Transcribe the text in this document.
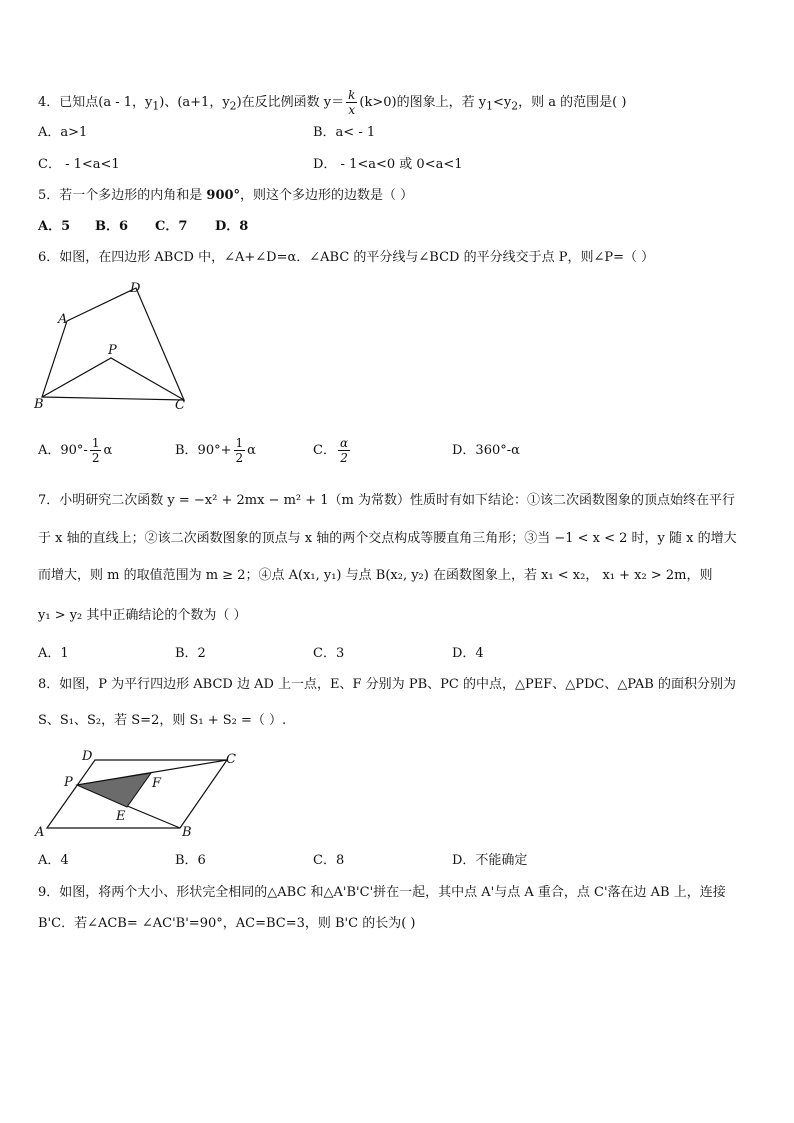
4．已知点(a - 1，$y_1$)、(a+1，$y_2$)在反比例函数 $y= \frac{k}{x} (k>0)$的图象上，若 $y_1<y_2$，则 a 的范围是( )
A．a>1	B．a< - 1
C． - 1<a<1	D． - 1<a<0 或 0<a<1
5．若一个多边形的内角和是 900°，则这个多边形的边数是（ ）
A．5 B．6 C．7 D．8
6．如图，在四边形 ABCD 中，∠A+∠D=α．∠ABC 的平分线与∠BCD 的平分线交于点 P，则∠P=（ ）
A
B	C
D
P
A．$90^\circ- \frac{1}{2}$ α	B．$90^\circ+ \frac{1}{2}$ α	C． $\frac{\alpha}{2}$	D．360°-α
7．小明研究二次函数 y = −x² + 2mx − m² + 1（m 为常数）性质时有如下结论：①该二次函数图象的顶点始终在平行
于 x 轴的直线上；②该二次函数图象的顶点与 x 轴的两个交点构成等腰直角三角形；③当 −1 < x < 2 时，y 随 x 的增大
而增大，则 m 的取值范围为 m ≥ 2；④点 A(x₁, y₁) 与点 B(x₂, y₂) 在函数图象上，若 x₁ < x₂， x₁ + x₂ > 2m，则
y₁ > y₂ 其中正确结论的个数为（ ）
A．1	B．2	C．3	D．4
8．如图，P 为平行四边形 ABCD 边 AD 上一点，E、F 分别为 PB、PC 的中点，△PEF、△PDC、△PAB 的面积分别为
S、S₁、S₂，若 S=2，则 S₁ + S₂ =（ ）.
A	B
C
D
P
E
F
A．4	B．6	C．8	D．不能确定
9．如图，将两个大小、形状完全相同的△ABC 和△A'B'C'拼在一起，其中点 A'与点 A 重合，点 C'落在边 AB 上，连接
B'C．若∠ACB= ∠AC'B'=90°，AC=BC=3，则 B'C 的长为( )
